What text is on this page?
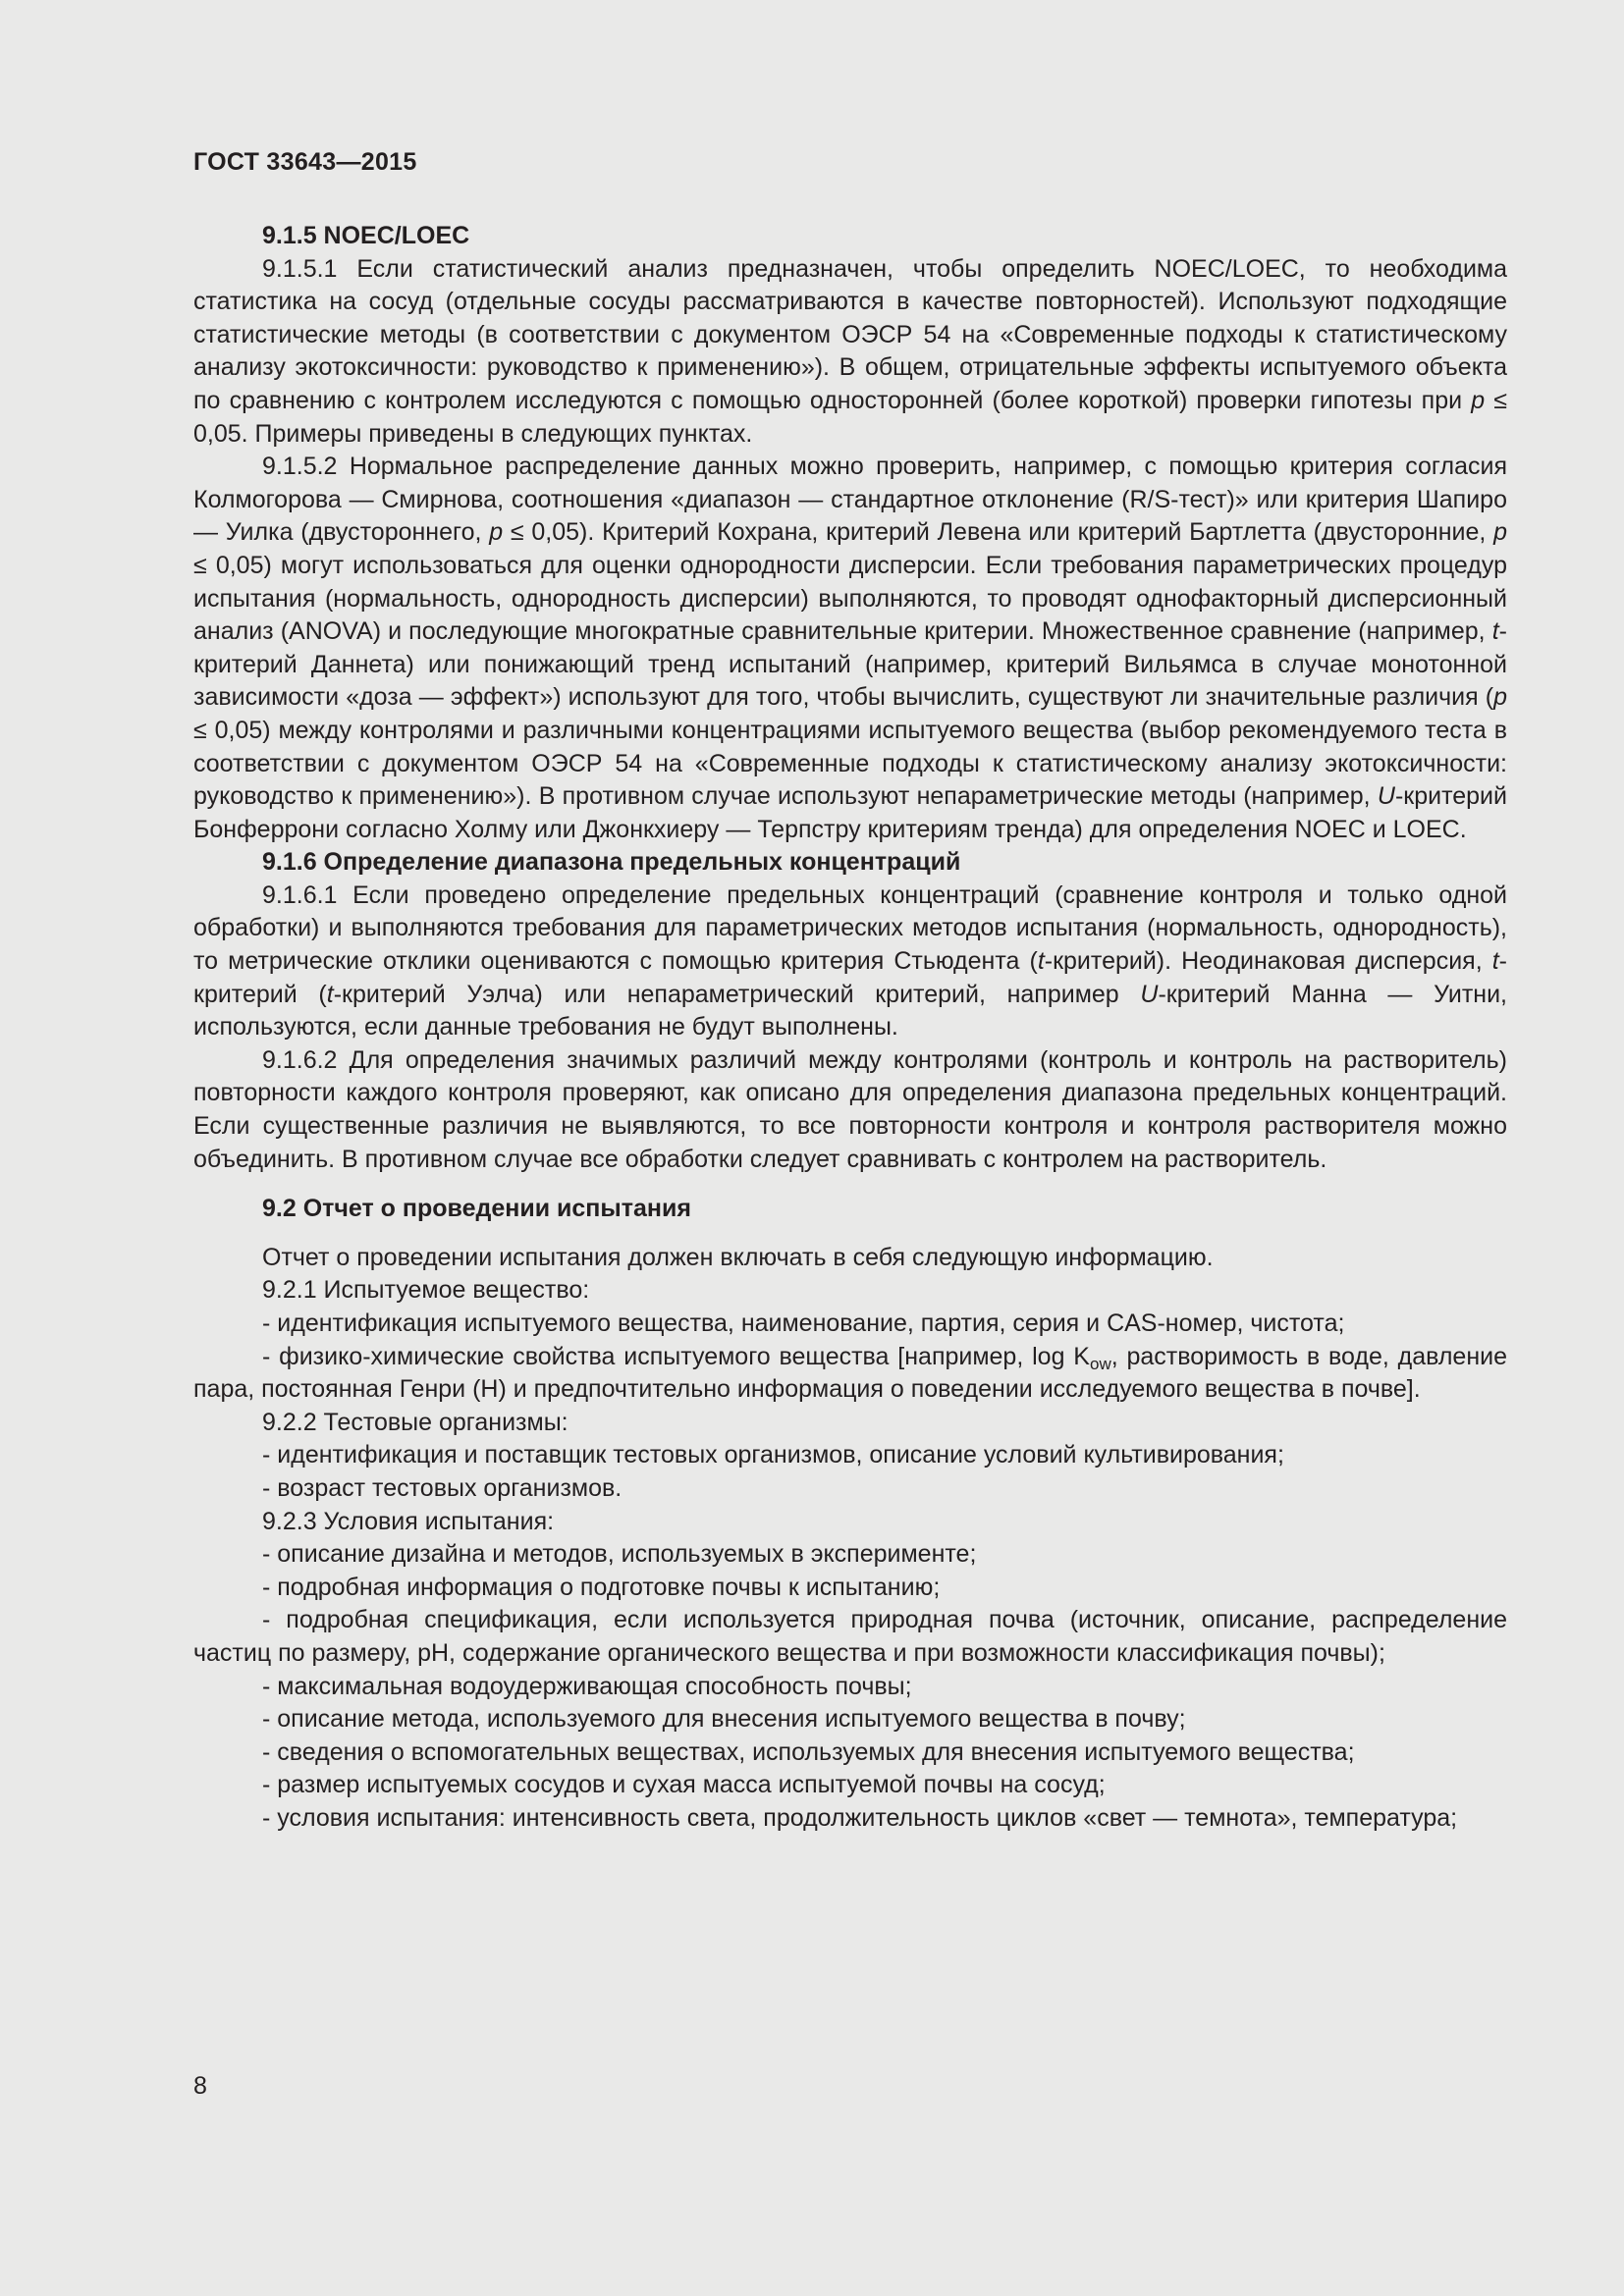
ГОСТ 33643—2015

9.1.5 NOEC/LOEC

9.1.5.1 Если статистический анализ предназначен, чтобы определить NOEC/LOEC, то необходима статистика на сосуд (отдельные сосуды рассматриваются в качестве повторностей). Используют подходящие статистические методы (в соответствии с документом ОЭСР 54 на «Современные подходы к статистическому анализу экотоксичности: руководство к применению»). В общем, отрицательные эффекты испытуемого объекта по сравнению с контролем исследуются с помощью односторонней (более короткой) проверки гипотезы при p ≤ 0,05. Примеры приведены в следующих пунктах.

9.1.5.2 Нормальное распределение данных можно проверить, например, с помощью критерия согласия Колмогорова — Смирнова, соотношения «диапазон — стандартное отклонение (R/S-тест)» или критерия Шапиро — Уилка (двустороннего, p ≤ 0,05). Критерий Кохрана, критерий Левена или критерий Бартлетта (двусторонние, p ≤ 0,05) могут использоваться для оценки однородности дисперсии. Если требования параметрических процедур испытания (нормальность, однородность дисперсии) выполняются, то проводят однофакторный дисперсионный анализ (ANOVA) и последующие многократные сравнительные критерии. Множественное сравнение (например, t-критерий Даннета) или понижающий тренд испытаний (например, критерий Вильямса в случае монотонной зависимости «доза — эффект») используют для того, чтобы вычислить, существуют ли значительные различия (p ≤ 0,05) между контролями и различными концентрациями испытуемого вещества (выбор рекомендуемого теста в соответствии с документом ОЭСР 54 на «Современные подходы к статистическому анализу экотоксичности: руководство к применению»). В противном случае используют непараметрические методы (например, U-критерий Бонферрони согласно Холму или Джонкхиеру — Терпстру критериям тренда) для определения NOEC и LOEC.

9.1.6 Определение диапазона предельных концентраций

9.1.6.1 Если проведено определение предельных концентраций (сравнение контроля и только одной обработки) и выполняются требования для параметрических методов испытания (нормальность, однородность), то метрические отклики оцениваются с помощью критерия Стьюдента (t-критерий). Неодинаковая дисперсия, t-критерий (t-критерий Уэлча) или непараметрический критерий, например U-критерий Манна — Уитни, используются, если данные требования не будут выполнены.

9.1.6.2 Для определения значимых различий между контролями (контроль и контроль на растворитель) повторности каждого контроля проверяют, как описано для определения диапазона предельных концентраций. Если существенные различия не выявляются, то все повторности контроля и контроля растворителя можно объединить. В противном случае все обработки следует сравнивать с контролем на растворитель.

9.2 Отчет о проведении испытания

Отчет о проведении испытания должен включать в себя следующую информацию.

9.2.1 Испытуемое вещество:

- идентификация испытуемого вещества, наименование, партия, серия и CAS-номер, чистота;

- физико-химические свойства испытуемого вещества [например, $\log K_{ow}$, растворимость в воде, давление пара, постоянная Генри (H) и предпочтительно информация о поведении исследуемого вещества в почве].

9.2.2 Тестовые организмы:

- идентификация и поставщик тестовых организмов, описание условий культивирования;

- возраст тестовых организмов.

9.2.3 Условия испытания:

- описание дизайна и методов, используемых в эксперименте;

- подробная информация о подготовке почвы к испытанию;

- подробная спецификация, если используется природная почва (источник, описание, распределение частиц по размеру, pH, содержание органического вещества и при возможности классификация почвы);

- максимальная водоудерживающая способность почвы;

- описание метода, используемого для внесения испытуемого вещества в почву;

- сведения о вспомогательных веществах, используемых для внесения испытуемого вещества;

- размер испытуемых сосудов и сухая масса испытуемой почвы на сосуд;

- условия испытания: интенсивность света, продолжительность циклов «свет — темнота», температура;

8
